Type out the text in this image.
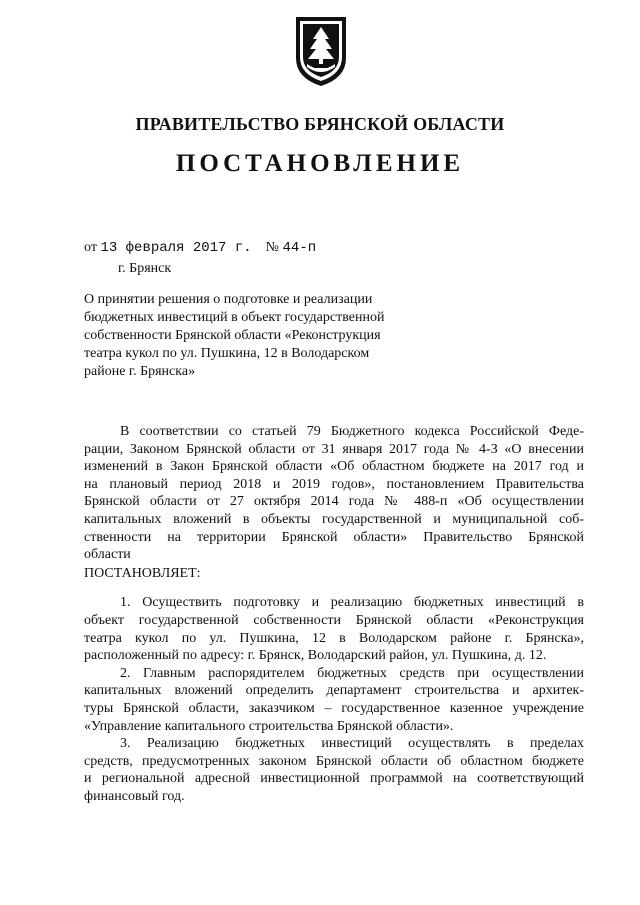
ПРАВИТЕЛЬСТВО БРЯНСКОЙ ОБЛАСТИ
ПОСТАНОВЛЕНИЕ
от 13 февраля 2017 г. № 44-п
г. Брянск
О принятии решения о подготовке и реализации
бюджетных инвестиций в объект государственной
собственности Брянской области «Реконструкция
театра кукол по ул. Пушкина, 12 в Володарском
районе г. Брянска»
В соответствии со статьей 79 Бюджетного кодекса Российской Феде-
рации, Законом Брянской области от 31 января 2017 года № 4-З «О внесении
изменений в Закон Брянской области «Об областном бюджете на 2017 год и
на плановый период 2018 и 2019 годов», постановлением Правительства
Брянской области от 27 октября 2014 года № 488-п «Об осуществлении
капитальных вложений в объекты государственной и муниципальной соб-
ственности на территории Брянской области» Правительство Брянской
области
ПОСТАНОВЛЯЕТ:
1. Осуществить подготовку и реализацию бюджетных инвестиций в
объект государственной собственности Брянской области «Реконструкция
театра кукол по ул. Пушкина, 12 в Володарском районе г. Брянска»,
расположенный по адресу: г. Брянск, Володарский район, ул. Пушкина, д. 12.
2. Главным распорядителем бюджетных средств при осуществлении
капитальных вложений определить департамент строительства и архитек-
туры Брянской области, заказчиком – государственное казенное учреждение
«Управление капитального строительства Брянской области».
3. Реализацию бюджетных инвестиций осуществлять в пределах
средств, предусмотренных законом Брянской области об областном бюджете
и региональной адресной инвестиционной программой на соответствующий
финансовый год.
